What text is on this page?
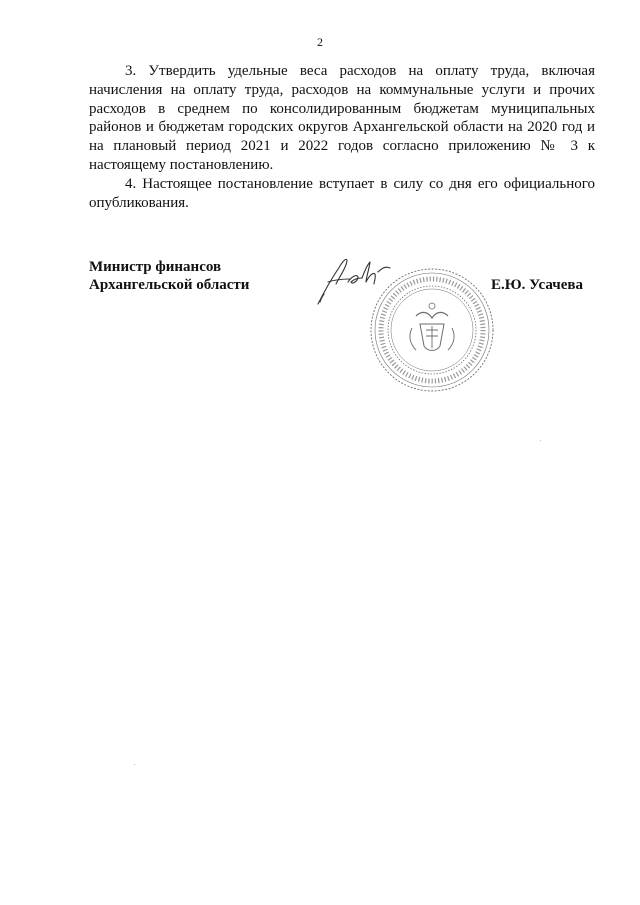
2

3. Утвердить удельные веса расходов на оплату труда, включая начисления на оплату труда, расходов на коммунальные услуги и прочих расходов в среднем по консолидированным бюджетам муниципальных районов и бюджетам городских округов Архангельской области на 2020 год и на плановый период 2021 и 2022 годов согласно приложению № 3 к настоящему постановлению.

4. Настоящее постановление вступает в силу со дня его официального опубликования.

Министр финансов
Архангельской области	Е.Ю. Усачева
